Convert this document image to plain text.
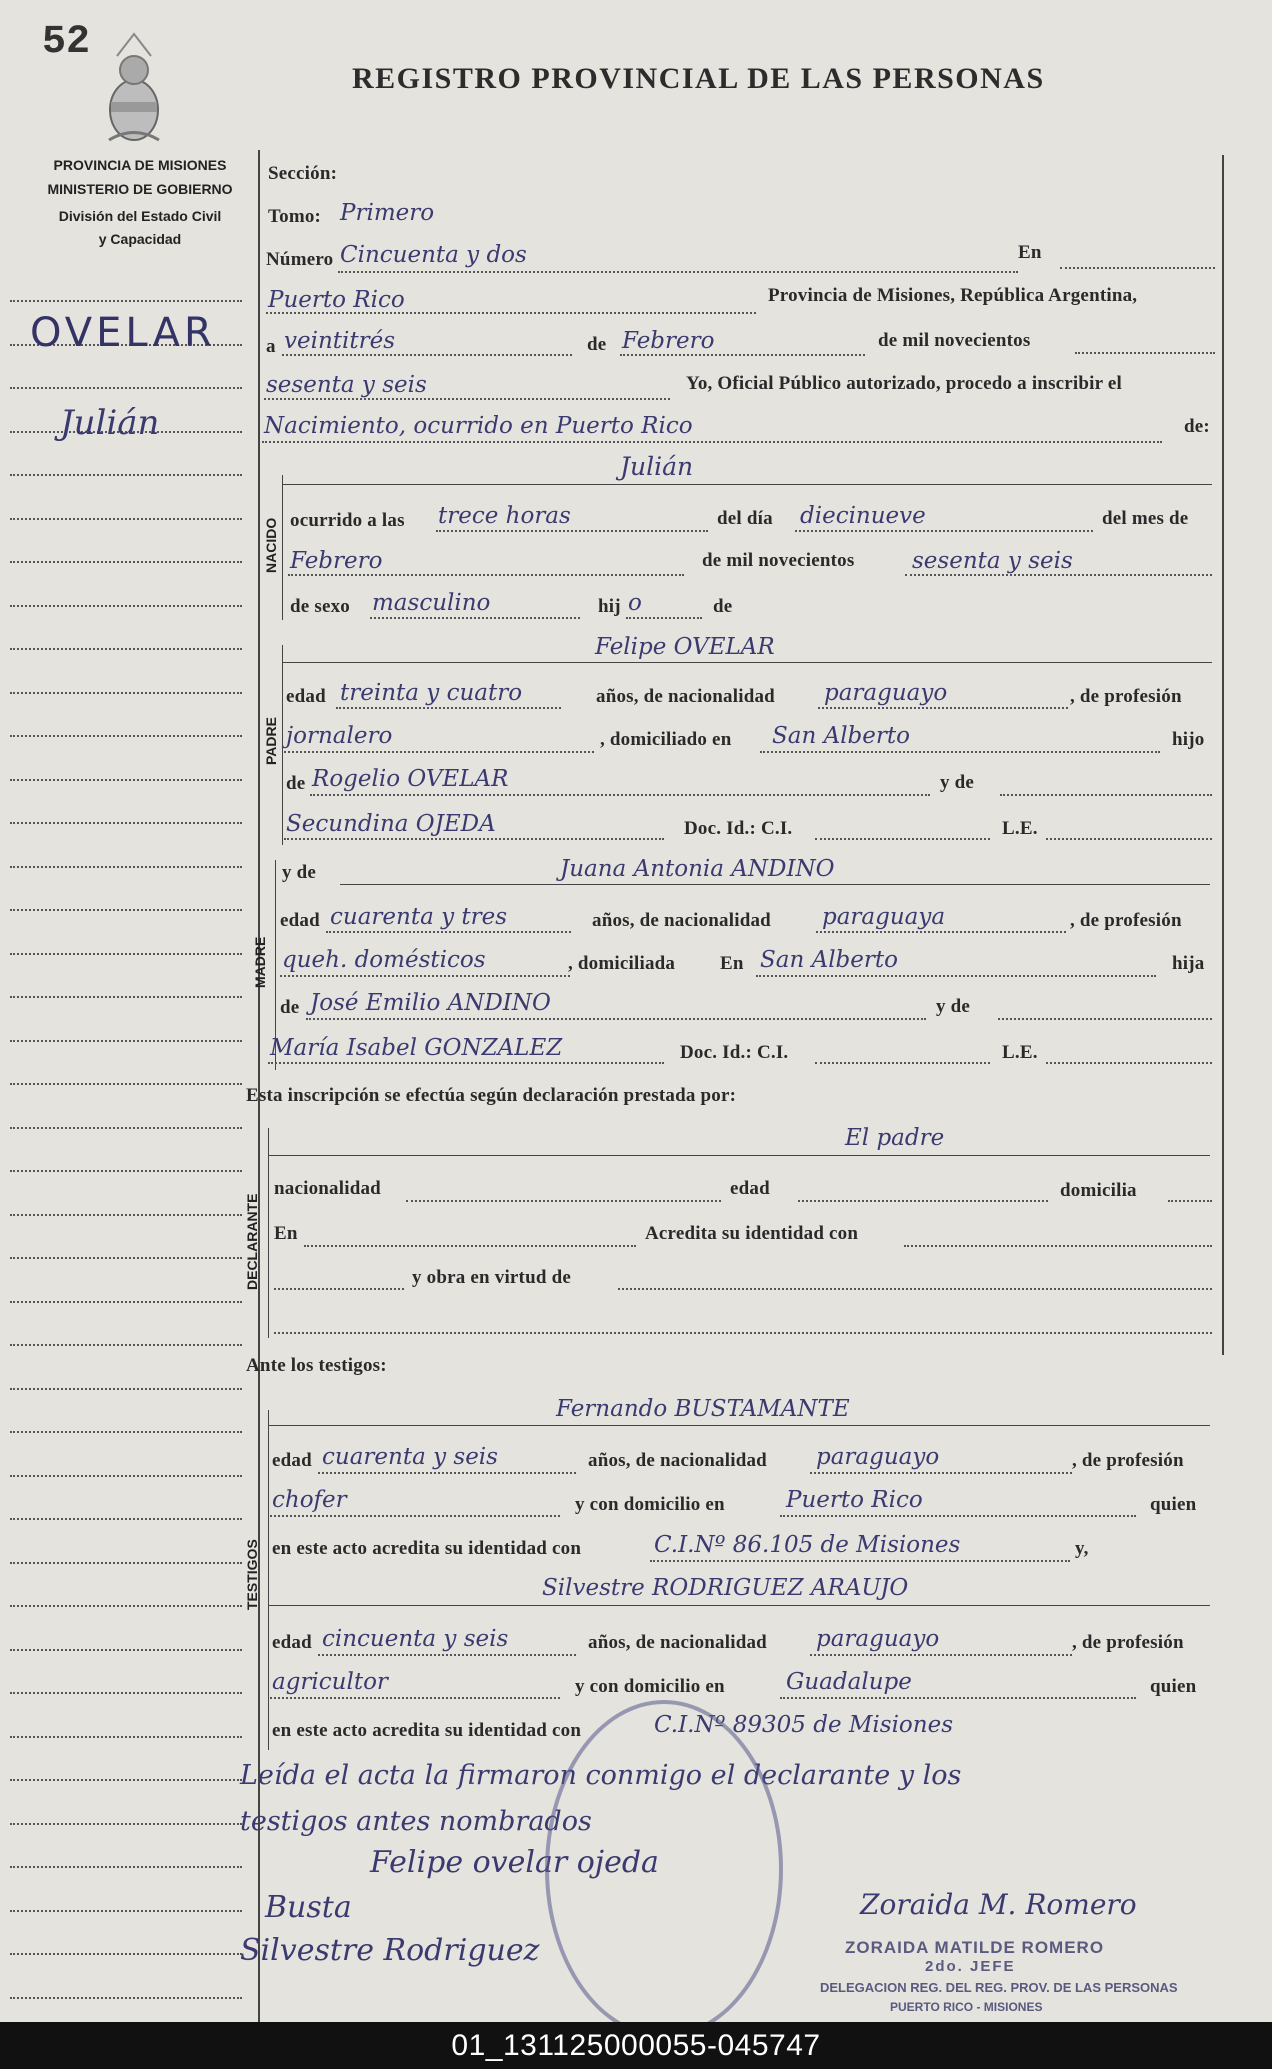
52
REGISTRO PROVINCIAL DE LAS PERSONAS
PROVINCIA DE MISIONES
MINISTERIO DE GOBIERNO
División del Estado Civil
y Capacidad
OVELAR
Julián
Sección:
Tomo: Primero
Número Cincuenta y dos	En
Puerto Rico	Provincia de Misiones, República Argentina,
a veintitrés	de Febrero	de mil novecientos
sesenta y seis	Yo, Oficial Público autorizado, procedo a inscribir el
Nacimiento, ocurrido en Puerto Rico	de:
NACIDO
Julián
ocurrido a las trece horas	del día diecinueve	del mes de
Febrero	de mil novecientos	sesenta y seis
de sexo masculino	hij o	de
PADRE
Felipe OVELAR
edad treinta y cuatro	años, de nacionalidad paraguayo	, de profesión
jornalero	, domiciliado en San Alberto	hijo
de Rogelio OVELAR	y de
Secundina OJEDA	Doc. Id.: C.I.	L.E.
MADRE
y de	Juana Antonia ANDINO
edad cuarenta y tres	años, de nacionalidad paraguaya	, de profesión
queh. domésticos	, domiciliada En San Alberto	hija
de José Emilio ANDINO	y de
María Isabel GONZALEZ	Doc. Id.: C.I.	L.E.
Esta inscripción se efectúa según declaración prestada por:
DECLARANTE
El padre
nacionalidad	edad	domicilia
En	Acredita su identidad con
y obra en virtud de
Ante los testigos:
TESTIGOS
Fernando BUSTAMANTE
edad cuarenta y seis	años, de nacionalidad paraguayo	, de profesión
chofer	y con domicilio en	Puerto Rico	quien
en este acto acredita su identidad con	C.I.Nº 86.105 de Misiones	y,
Silvestre RODRIGUEZ ARAUJO
edad cincuenta y seis	años, de nacionalidad paraguayo	, de profesión
agricultor	y con domicilio en	Guadalupe	quien
en este acto acredita su identidad con	C.I.Nº 89305 de Misiones
Leída el acta la firmaron conmigo el declarante y los
testigos antes nombrados
Felipe ovelar ojeda
Busta
Silvestre Rodriguez
Zoraida M. Romero
ZORAIDA MATILDE ROMERO
2do. JEFE
DELEGACION REG. DEL REG. PROV. DE LAS PERSONAS
PUERTO RICO - MISIONES
01_131125000055-045747
